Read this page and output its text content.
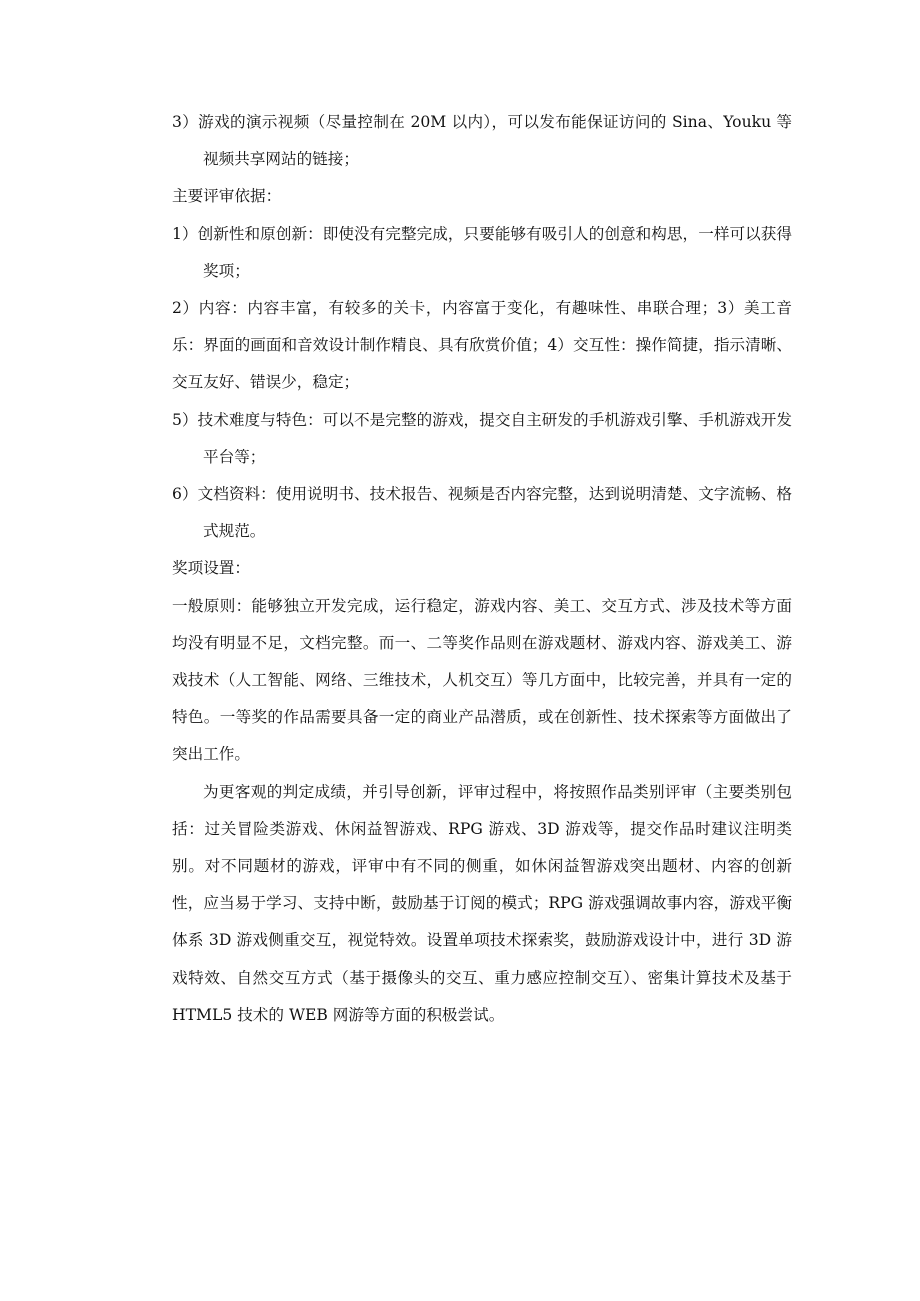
3）游戏的演示视频（尽量控制在 20M 以内），可以发布能保证访问的 Sina、Youku 等视频共享网站的链接；

主要评审依据：

1）创新性和原创新：即使没有完整完成，只要能够有吸引人的创意和构思，一样可以获得奖项；

2）内容：内容丰富，有较多的关卡，内容富于变化，有趣味性、串联合理；3）美工音乐：界面的画面和音效设计制作精良、具有欣赏价值；4）交互性：操作简捷，指示清晰、交互友好、错误少，稳定；

5）技术难度与特色：可以不是完整的游戏，提交自主研发的手机游戏引擎、手机游戏开发平台等；

6）文档资料：使用说明书、技术报告、视频是否内容完整，达到说明清楚、文字流畅、格式规范。

奖项设置：

一般原则：能够独立开发完成，运行稳定，游戏内容、美工、交互方式、涉及技术等方面均没有明显不足，文档完整。而一、二等奖作品则在游戏题材、游戏内容、游戏美工、游戏技术（人工智能、网络、三维技术，人机交互）等几方面中，比较完善，并具有一定的特色。一等奖的作品需要具备一定的商业产品潜质，或在创新性、技术探索等方面做出了突出工作。

为更客观的判定成绩，并引导创新，评审过程中，将按照作品类别评审（主要类别包括：过关冒险类游戏、休闲益智游戏、RPG 游戏、3D 游戏等，提交作品时建议注明类别。对不同题材的游戏，评审中有不同的侧重，如休闲益智游戏突出题材、内容的创新性，应当易于学习、支持中断，鼓励基于订阅的模式；RPG 游戏强调故事内容，游戏平衡体系 3D 游戏侧重交互，视觉特效。设置单项技术探索奖，鼓励游戏设计中，进行 3D 游戏特效、自然交互方式（基于摄像头的交互、重力感应控制交互）、密集计算技术及基于 HTML5 技术的 WEB 网游等方面的积极尝试。
